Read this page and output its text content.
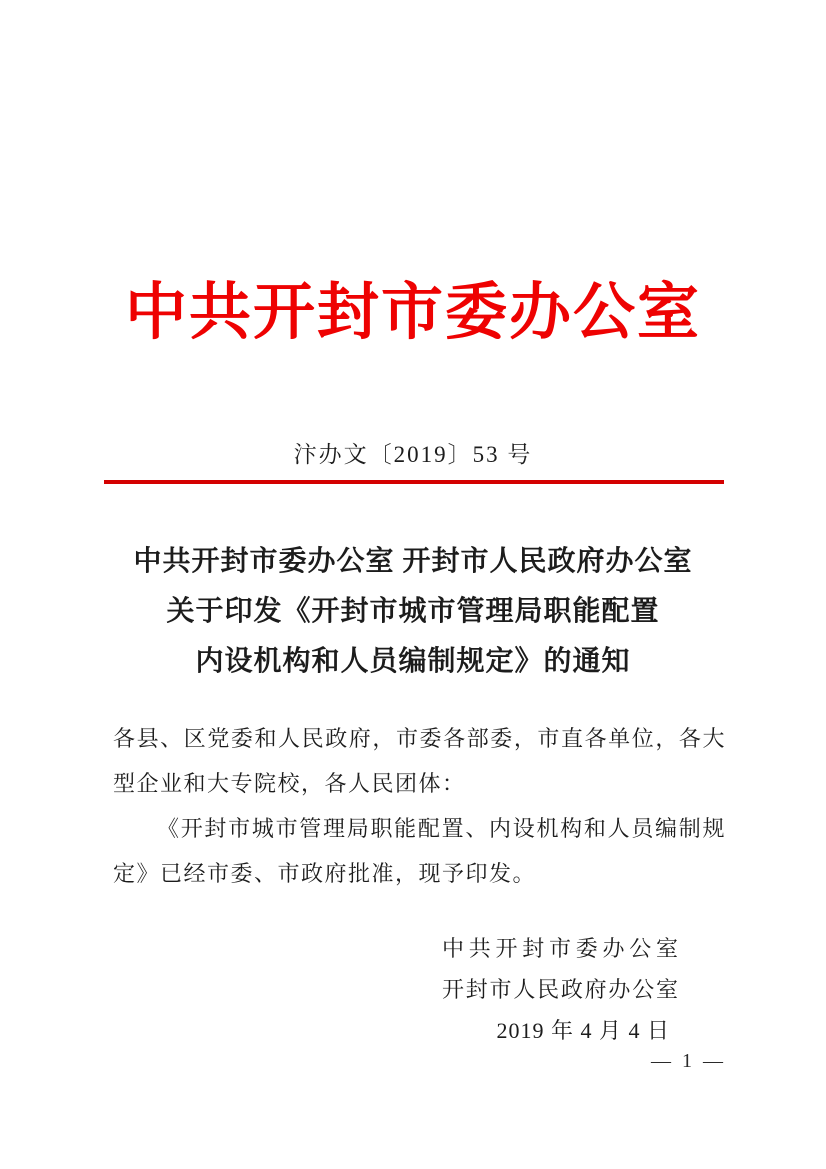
中共开封市委办公室
汴办文〔2019〕53 号
中共开封市委办公室 开封市人民政府办公室
关于印发《开封市城市管理局职能配置
内设机构和人员编制规定》的通知

各县、区党委和人民政府，市委各部委，市直各单位，各大型企业和大专院校，各人民团体：

《开封市城市管理局职能配置、内设机构和人员编制规定》已经市委、市政府批准，现予印发。

中共开封市委办公室
开封市人民政府办公室
2019 年 4 月 4 日
— 1 —
